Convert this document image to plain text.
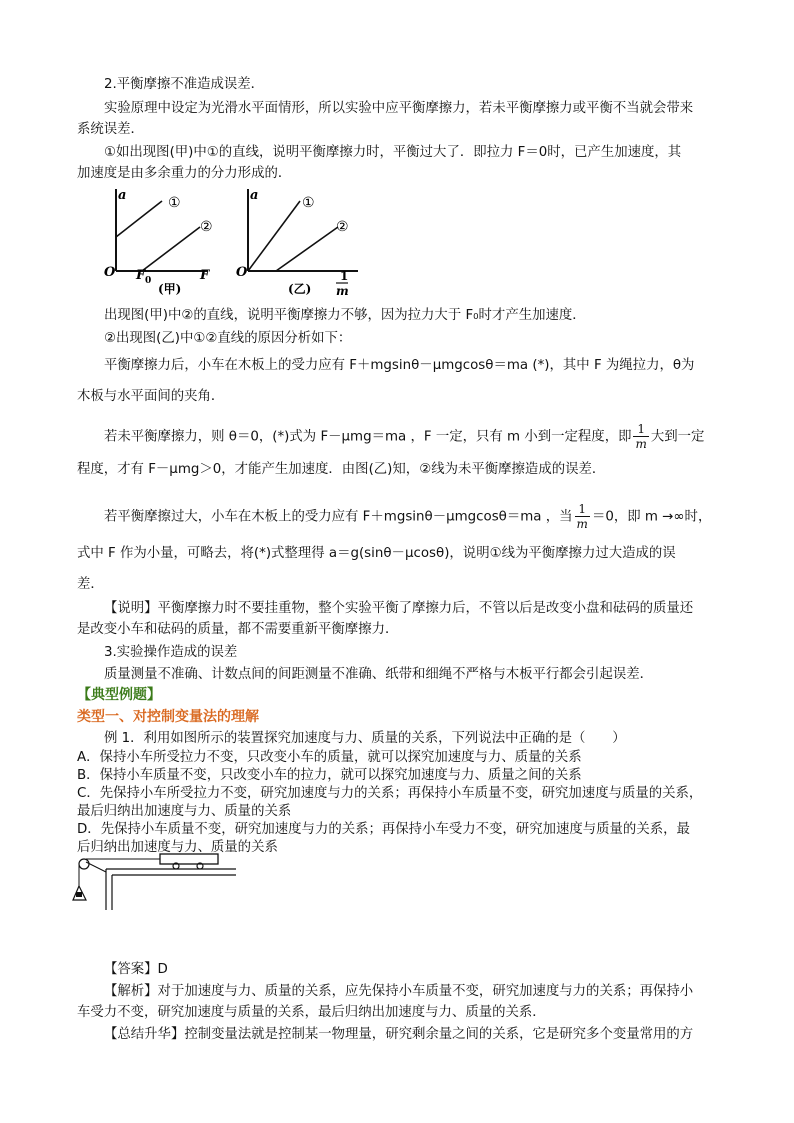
2.平衡摩擦不准造成误差．
实验原理中设定为光滑水平面情形，所以实验中应平衡摩擦力，若未平衡摩擦力或平衡不当就会带来
系统误差．
①如出现图(甲)中①的直线，说明平衡摩擦力时，平衡过大了．即拉力 F＝0时，已产生加速度，其
加速度是由多余重力的分力形成的．
a	①
②
O F 0	F
(甲)
a	①
②
O	1
m
(乙)
出现图(甲)中②的直线，说明平衡摩擦力不够，因为拉力大于 F₀时才产生加速度．
②出现图(乙)中①②直线的原因分析如下：
平衡摩擦力后，小车在木板上的受力应有 F＋mgsinθ－μmgcosθ＝ma (*)，其中 F 为绳拉力，θ为
木板与水平面间的夹角．
若未平衡摩擦力，则 θ＝0，(*)式为 F－μmg＝ma ，F 一定，只有 m 小到一定程度，即 $\frac{1}{m}$ 大到一定
程度，才有 F－μmg＞0，才能产生加速度．由图(乙)知，②线为未平衡摩擦造成的误差．
若平衡摩擦过大，小车在木板上的受力应有 F＋mgsinθ－μmgcosθ＝ma ，当 $\frac{1}{m} =0$，即 m →∞时，
式中 F 作为小量，可略去，将(*)式整理得 a＝g(sinθ－μcosθ)，说明①线为平衡摩擦力过大造成的误
差．
【说明】平衡摩擦力时不要挂重物，整个实验平衡了摩擦力后，不管以后是改变小盘和砝码的质量还
是改变小车和砝码的质量，都不需要重新平衡摩擦力．
3.实验操作造成的误差
质量测量不准确、计数点间的间距测量不准确、纸带和细绳不严格与木板平行都会引起误差．
【典型例题】
类型一、对控制变量法的理解
例 1．利用如图所示的装置探究加速度与力、质量的关系，下列说法中正确的是（　　）
A．保持小车所受拉力不变，只改变小车的质量，就可以探究加速度与力、质量的关系
B．保持小车质量不变，只改变小车的拉力，就可以探究加速度与力、质量之间的关系
C．先保持小车所受拉力不变，研究加速度与力的关系；再保持小车质量不变，研究加速度与质量的关系，
最后归纳出加速度与力、质量的关系
D．先保持小车质量不变，研究加速度与力的关系；再保持小车受力不变，研究加速度与质量的关系，最
后归纳出加速度与力、质量的关系
【答案】D
【解析】对于加速度与力、质量的关系，应先保持小车质量不变，研究加速度与力的关系；再保持小
车受力不变，研究加速度与质量的关系，最后归纳出加速度与力、质量的关系．
【总结升华】控制变量法就是控制某一物理量，研究剩余量之间的关系，它是研究多个变量常用的方
